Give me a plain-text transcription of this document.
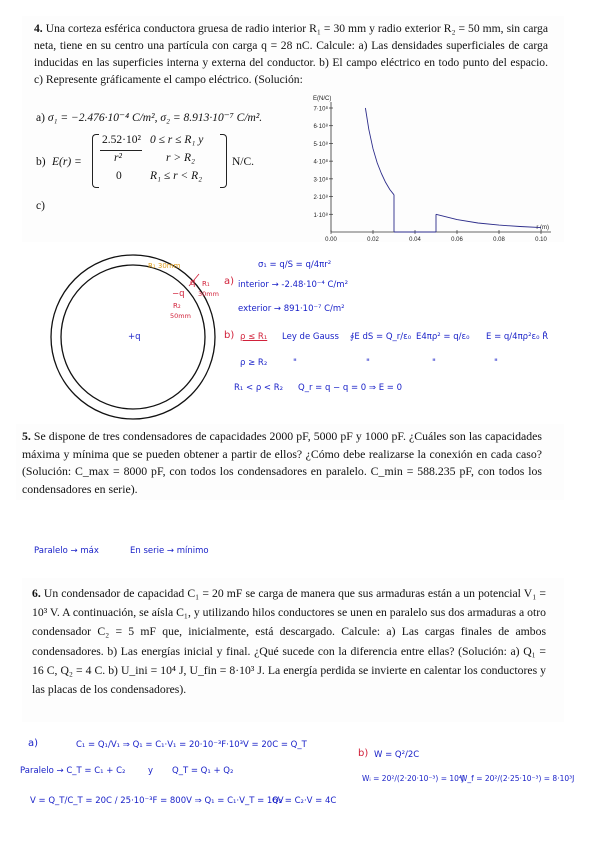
4. Una corteza esférica conductora gruesa de radio interior R₁ = 30 mm y radio exterior R₂ = 50 mm, sin carga neta, tiene en su centro una partícula con carga q = 28 nC. Calcule: a) Las densidades superficiales de carga inducidas en las superficies interna y externa del conductor. b) El campo eléctrico en todo punto del espacio. c) Represente gráficamente el campo eléctrico. (Solución:
a) σ₁ = −2.476·10⁻⁴ C/m², σ₂ = 8.913·10⁻⁷ C/m².
b) E(r) =
2.52·10² 0 ≤ r ≤ R₁ y
r²	r > R₂
0 R₁ ≤ r < R₂
N/C.
c)
1·10⁸
2·10⁸
3·10⁸
4·10⁸
5·10⁸
6·10⁸
7·10⁸
0.00	0.02	0.04	0.06	0.08	0.10
E(N/C)
r (m)
+q
R₁ 30mm
−q
q R₁
30mm
R₂
50mm
σ₁ = q/S = q/4πr²
a) interior → -2.48·10⁻⁴ C/m²
exterior → 891·10⁻⁷ C/m²
b) ρ ≤ R₁ Ley de Gauss ∮E dS = Q_r/ε₀ E4πρ² = q/ε₀ E = q/4πρ²ε₀ R̂
ρ ≥ R₂	"	"	"	"
R₁ < ρ < R₂ Q_r = q − q = 0 ⇒ E = 0
5. Se dispone de tres condensadores de capacidades 2000 pF, 5000 pF y 1000 pF. ¿Cuáles son las capacidades máxima y mínima que se pueden obtener a partir de ellos? ¿Cómo debe realizarse la conexión en cada caso? (Solución: C_max = 8000 pF, con todos los condensadores en paralelo. C_min = 588.235 pF, con todos los condensadores en serie).
Paralelo → máx	En serie → mínimo
6. Un condensador de capacidad C₁ = 20 mF se carga de manera que sus armaduras están a un potencial V₁ = 10³ V. A continuación, se aísla C₁, y utilizando hilos conductores se unen en paralelo sus dos armaduras a otro condensador C₂ = 5 mF que, inicialmente, está descargado. Calcule: a) Las cargas finales de ambos condensadores. b) Las energías inicial y final. ¿Qué sucede con la diferencia entre ellas? (Solución: a) Q₁ = 16 C, Q₂ = 4 C. b) U_ini = 10⁴ J, U_fin = 8·10³ J. La energía perdida se invierte en calentar los conductores y las placas de los condensadores).
a)	C₁ = Q₁/V₁ ⇒ Q₁ = C₁·V₁ = 20·10⁻³F·10³V = 20C = Q_T
Paralelo → C_T = C₁ + C₂	y Q_T = Q₁ + Q₂
V = Q_T/C_T = 20C / 25·10⁻³F = 800V ⇒ Q₁ = C₁·V_T = 16V
Q₂ = C₂·V = 4C
b) W = Q²/2C
Wᵢ = 20²/(2·20·10⁻³) = 10⁴J
W_f = 20²/(2·25·10⁻³) = 8·10³J
